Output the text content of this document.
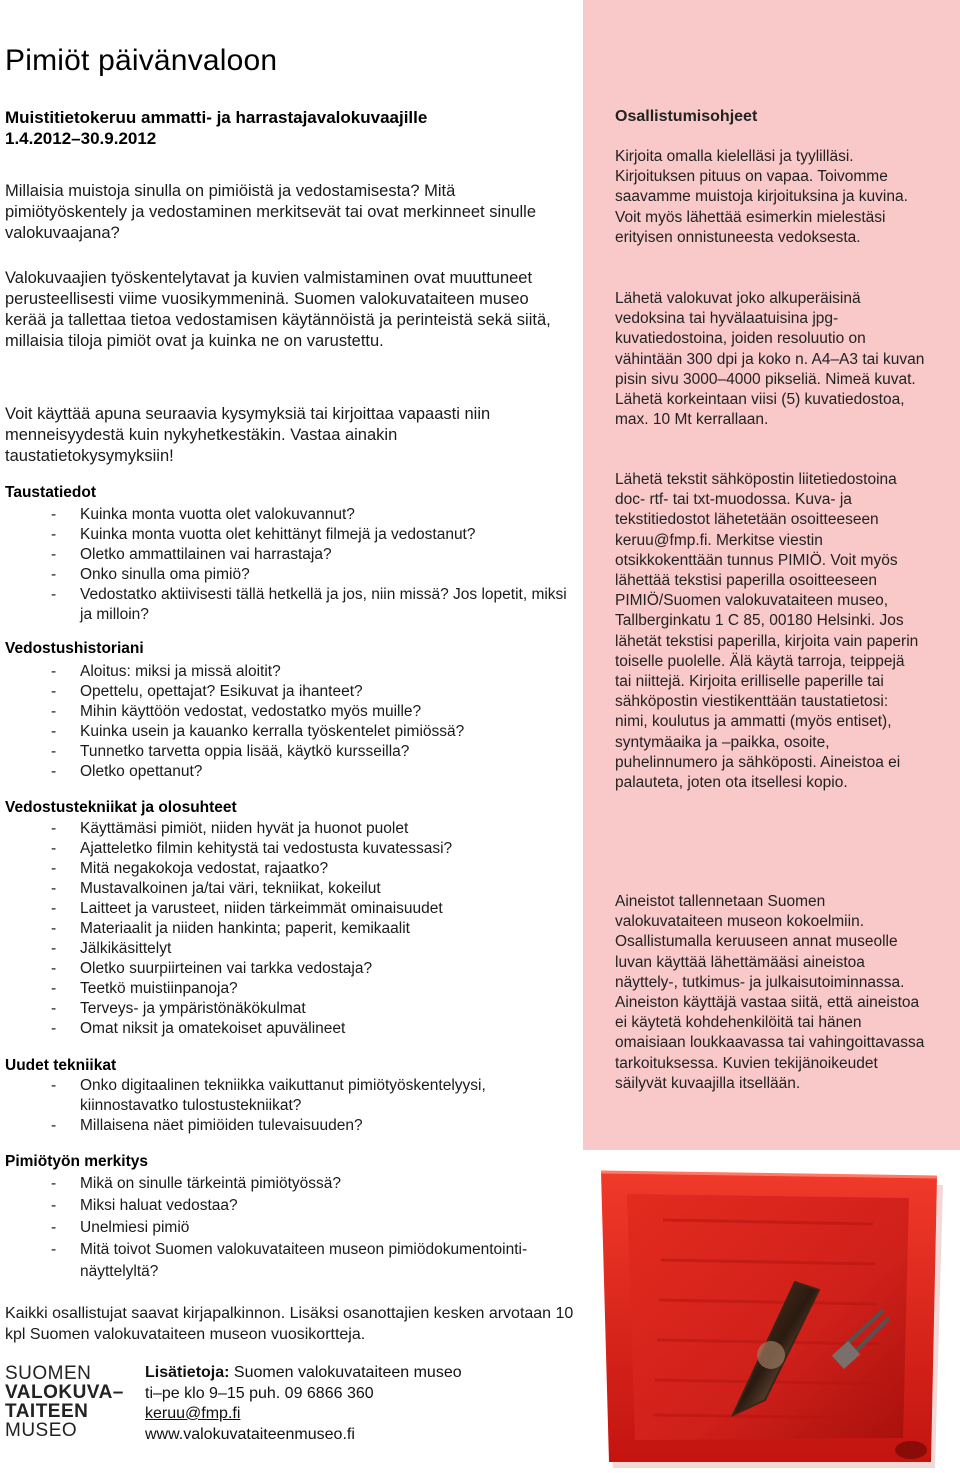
Pimiöt päivänvaloon
Muistitietokeruu ammatti- ja harrastajavalokuvaajille
1.4.2012–30.9.2012

Millaisia muistoja sinulla on pimiöistä ja vedostamisesta? Mitä pimiötyöskentely ja vedostaminen merkitsevät tai ovat merkinneet sinulle valokuvaajana?

Valokuvaajien työskentelytavat ja kuvien valmistaminen ovat muuttuneet perusteellisesti viime vuosikymmeninä. Suomen valokuvataiteen museo kerää ja tallettaa tietoa vedostamisen käytännöistä ja perinteistä sekä siitä, millaisia tiloja pimiöt ovat ja kuinka ne on varustettu.

Voit käyttää apuna seuraavia kysymyksiä tai kirjoittaa vapaasti niin menneisyydestä kuin nykyhetkestäkin. Vastaa ainakin taustatietokysymyksiin!

Taustatiedot
- Kuinka monta vuotta olet valokuvannut?
- Kuinka monta vuotta olet kehittänyt filmejä ja vedostanut?
- Oletko ammattilainen vai harrastaja?
- Onko sinulla oma pimiö?
- Vedostatko aktiivisesti tällä hetkellä ja jos, niin missä? Jos lopetit, miksi ja milloin?
Vedostushistoriani
- Aloitus: miksi ja missä aloitit?
- Opettelu, opettajat? Esikuvat ja ihanteet?
- Mihin käyttöön vedostat, vedostatko myös muille?
- Kuinka usein ja kauanko kerralla työskentelet pimiössä?
- Tunnetko tarvetta oppia lisää, käytkö kursseilla?
- Oletko opettanut?
Vedostustekniikat ja olosuhteet
- Käyttämäsi pimiöt, niiden hyvät ja huonot puolet
- Ajatteletko filmin kehitystä tai vedostusta kuvatessasi?
- Mitä negakokoja vedostat, rajaatko?
- Mustavalkoinen ja/tai väri, tekniikat, kokeilut
- Laitteet ja varusteet, niiden tärkeimmät ominaisuudet
- Materiaalit ja niiden hankinta; paperit, kemikaalit
- Jälkikäsittelyt
- Oletko suurpiirteinen vai tarkka vedostaja?
- Teetkö muistiinpanoja?
- Terveys- ja ympäristönäkökulmat
- Omat niksit ja omatekoiset apuvälineet
Uudet tekniikat
- Onko digitaalinen tekniikka vaikuttanut pimiötyöskentelyysi, kiinnostavatko tulostustekniikat?
- Millaisena näet pimiöiden tulevaisuuden?
Pimiötyön merkitys
- Mikä on sinulle tärkeintä pimiötyössä?
- Miksi haluat vedostaa?
- Unelmiesi pimiö
- Mitä toivot Suomen valokuvataiteen museon pimiödokumentointi-näyttelyltä?

Kaikki osallistujat saavat kirjapalkinnon. Lisäksi osanottajien kesken arvotaan 10 kpl Suomen valokuvataiteen museon vuosikortteja.

SUOMEN
VALOKUVA–
TAITEEN
MUSEO
Lisätietoja: Suomen valokuvataiteen museo
ti–pe klo 9–15 puh. 09 6866 360
keruu@fmp.fi
www.valokuvataiteenmuseo.fi
Osallistumisohjeet

Kirjoita omalla kielelläsi ja tyylilläsi. Kirjoituksen pituus on vapaa. Toivomme saavamme muistoja kirjoituksina ja kuvina. Voit myös lähettää esimerkin mielestäsi erityisen onnistuneesta vedoksesta.

Lähetä valokuvat joko alkuperäisinä vedoksina tai hyvälaatuisina jpg-kuvatiedostoina, joiden resoluutio on vähintään 300 dpi ja koko n. A4–A3 tai kuvan pisin sivu 3000–4000 pikseliä. Nimeä kuvat. Lähetä korkeintaan viisi (5) kuvatiedostoa, max. 10 Mt kerrallaan.

Lähetä tekstit sähköpostin liitetiedostoina doc- rtf- tai txt-muodossa. Kuva- ja tekstitiedostot lähetetään osoitteeseen keruu@fmp.fi. Merkitse viestin otsikkokenttään tunnus PIMIÖ. Voit myös lähettää tekstisi paperilla osoitteeseen PIMIÖ/Suomen valokuvataiteen museo, Tallberginkatu 1 C 85, 00180 Helsinki. Jos lähetät tekstisi paperilla, kirjoita vain paperin toiselle puolelle. Älä käytä tarroja, teippejä tai niittejä. Kirjoita erilliselle paperille tai sähköpostin viestikenttään taustatietosi: nimi, koulutus ja ammatti (myös entiset), syntymäaika ja –paikka, osoite, puhelinnumero ja sähköposti. Aineistoa ei palauteta, joten ota itsellesi kopio.

Aineistot tallennetaan Suomen valokuvataiteen museon kokoelmiin. Osallistumalla keruuseen annat museolle luvan käyttää lähettämääsi aineistoa näyttely-, tutkimus- ja julkaisutoiminnassa. Aineiston käyttäjä vastaa siitä, että aineistoa ei käytetä kohdehenkilöitä tai hänen omaisiaan loukkaavassa tai vahingoittavassa tarkoituksessa. Kuvien tekijänoikeudet säilyvät kuvaajilla itsellään.
